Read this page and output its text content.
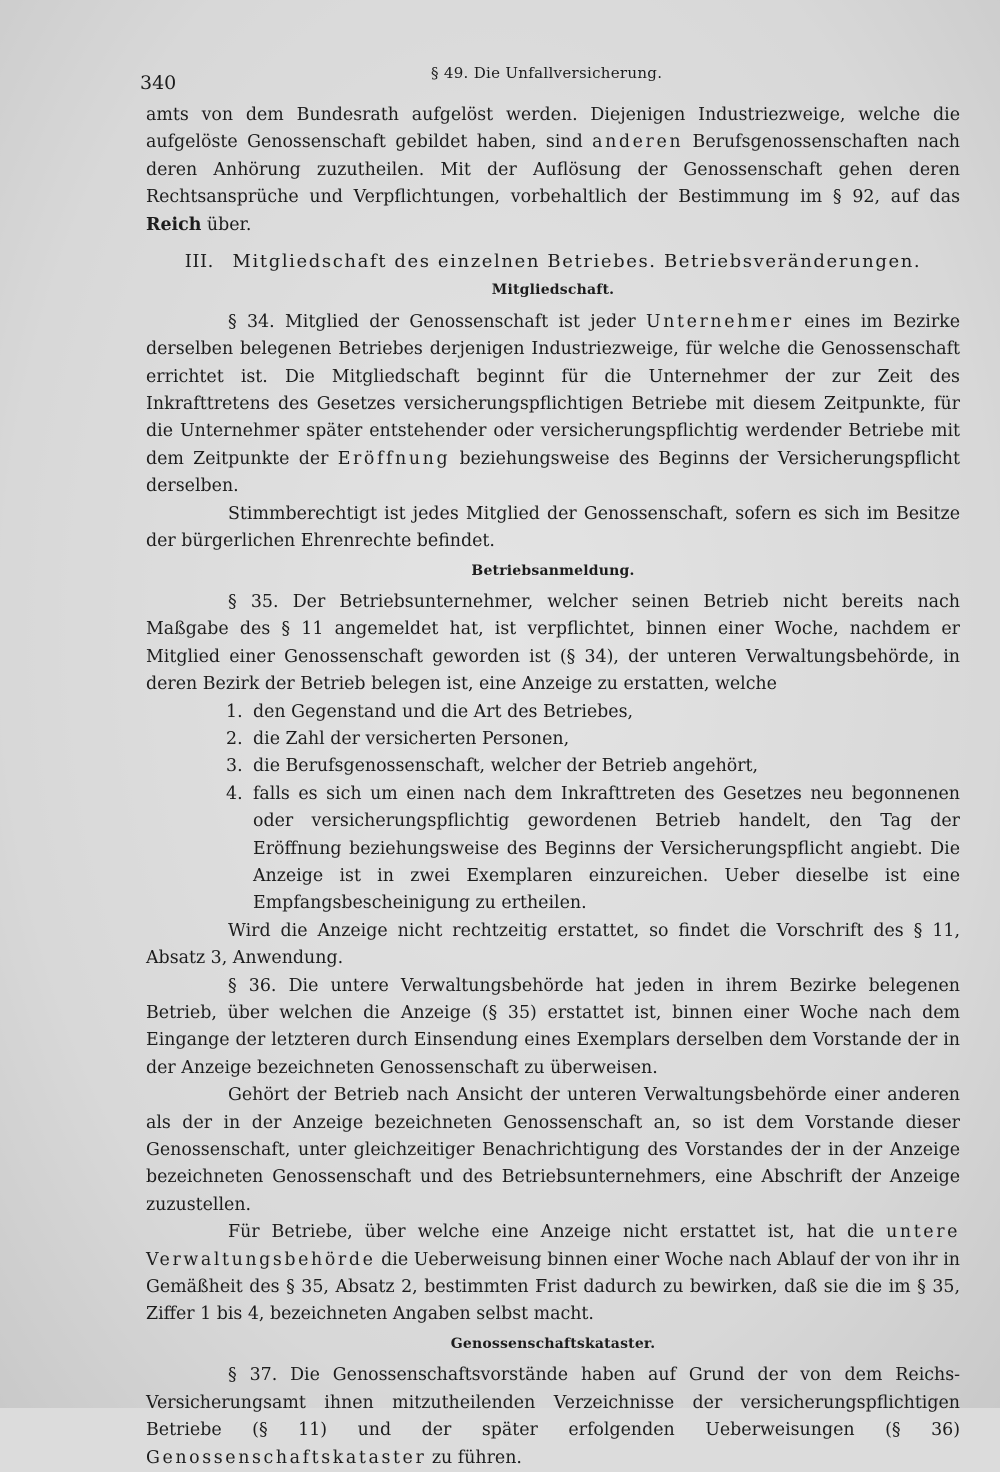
340	§ 49. Die Unfallversicherung.

amts von dem Bundesrath aufgelöst werden. Diejenigen Industriezweige, welche die aufgelöste Genossenschaft gebildet haben, sind anderen Berufsgenossenschaften nach deren Anhörung zuzutheilen. Mit der Auflösung der Genossenschaft gehen deren Rechtsansprüche und Verpflichtungen, vorbehaltlich der Bestimmung im § 92, auf das Reich über.

III. Mitgliedschaft des einzelnen Betriebes. Betriebsveränderungen.
Mitgliedschaft.

§ 34. Mitglied der Genossenschaft ist jeder Unternehmer eines im Bezirke derselben belegenen Betriebes derjenigen Industriezweige, für welche die Genossenschaft errichtet ist. Die Mitgliedschaft beginnt für die Unternehmer der zur Zeit des Inkrafttretens des Gesetzes versicherungspflichtigen Betriebe mit diesem Zeitpunkte, für die Unternehmer später entstehender oder versicherungspflichtig werdender Betriebe mit dem Zeitpunkte der Eröffnung beziehungsweise des Beginns der Versicherungspflicht derselben.

Stimmberechtigt ist jedes Mitglied der Genossenschaft, sofern es sich im Besitze der bürgerlichen Ehrenrechte befindet.

Betriebsanmeldung.

§ 35. Der Betriebsunternehmer, welcher seinen Betrieb nicht bereits nach Maßgabe des § 11 angemeldet hat, ist verpflichtet, binnen einer Woche, nachdem er Mitglied einer Genossenschaft geworden ist (§ 34), der unteren Verwaltungsbehörde, in deren Bezirk der Betrieb belegen ist, eine Anzeige zu erstatten, welche

1. den Gegenstand und die Art des Betriebes,
2. die Zahl der versicherten Personen,
3. die Berufsgenossenschaft, welcher der Betrieb angehört,
4. falls es sich um einen nach dem Inkrafttreten des Gesetzes neu begonnenen oder versicherungspflichtig gewordenen Betrieb handelt, den Tag der Eröffnung beziehungsweise des Beginns der Versicherungspflicht angiebt. Die Anzeige ist in zwei Exemplaren einzureichen. Ueber dieselbe ist eine Empfangsbescheinigung zu ertheilen.

Wird die Anzeige nicht rechtzeitig erstattet, so findet die Vorschrift des § 11, Absatz 3, Anwendung.

§ 36. Die untere Verwaltungsbehörde hat jeden in ihrem Bezirke belegenen Betrieb, über welchen die Anzeige (§ 35) erstattet ist, binnen einer Woche nach dem Eingange der letzteren durch Einsendung eines Exemplars derselben dem Vorstande der in der Anzeige bezeichneten Genossenschaft zu überweisen.

Gehört der Betrieb nach Ansicht der unteren Verwaltungsbehörde einer anderen als der in der Anzeige bezeichneten Genossenschaft an, so ist dem Vorstande dieser Genossenschaft, unter gleichzeitiger Benachrichtigung des Vorstandes der in der Anzeige bezeichneten Genossenschaft und des Betriebsunternehmers, eine Abschrift der Anzeige zuzustellen.

Für Betriebe, über welche eine Anzeige nicht erstattet ist, hat die untere Verwaltungsbehörde die Ueberweisung binnen einer Woche nach Ablauf der von ihr in Gemäßheit des § 35, Absatz 2, bestimmten Frist dadurch zu bewirken, daß sie die im § 35, Ziffer 1 bis 4, bezeichneten Angaben selbst macht.

Genossenschaftskataster.

§ 37. Die Genossenschaftsvorstände haben auf Grund der von dem Reichs-Versicherungsamt ihnen mitzutheilenden Verzeichnisse der versicherungspflichtigen Betriebe (§ 11) und der später erfolgenden Ueberweisungen (§ 36) Genossenschaftskataster zu führen.
